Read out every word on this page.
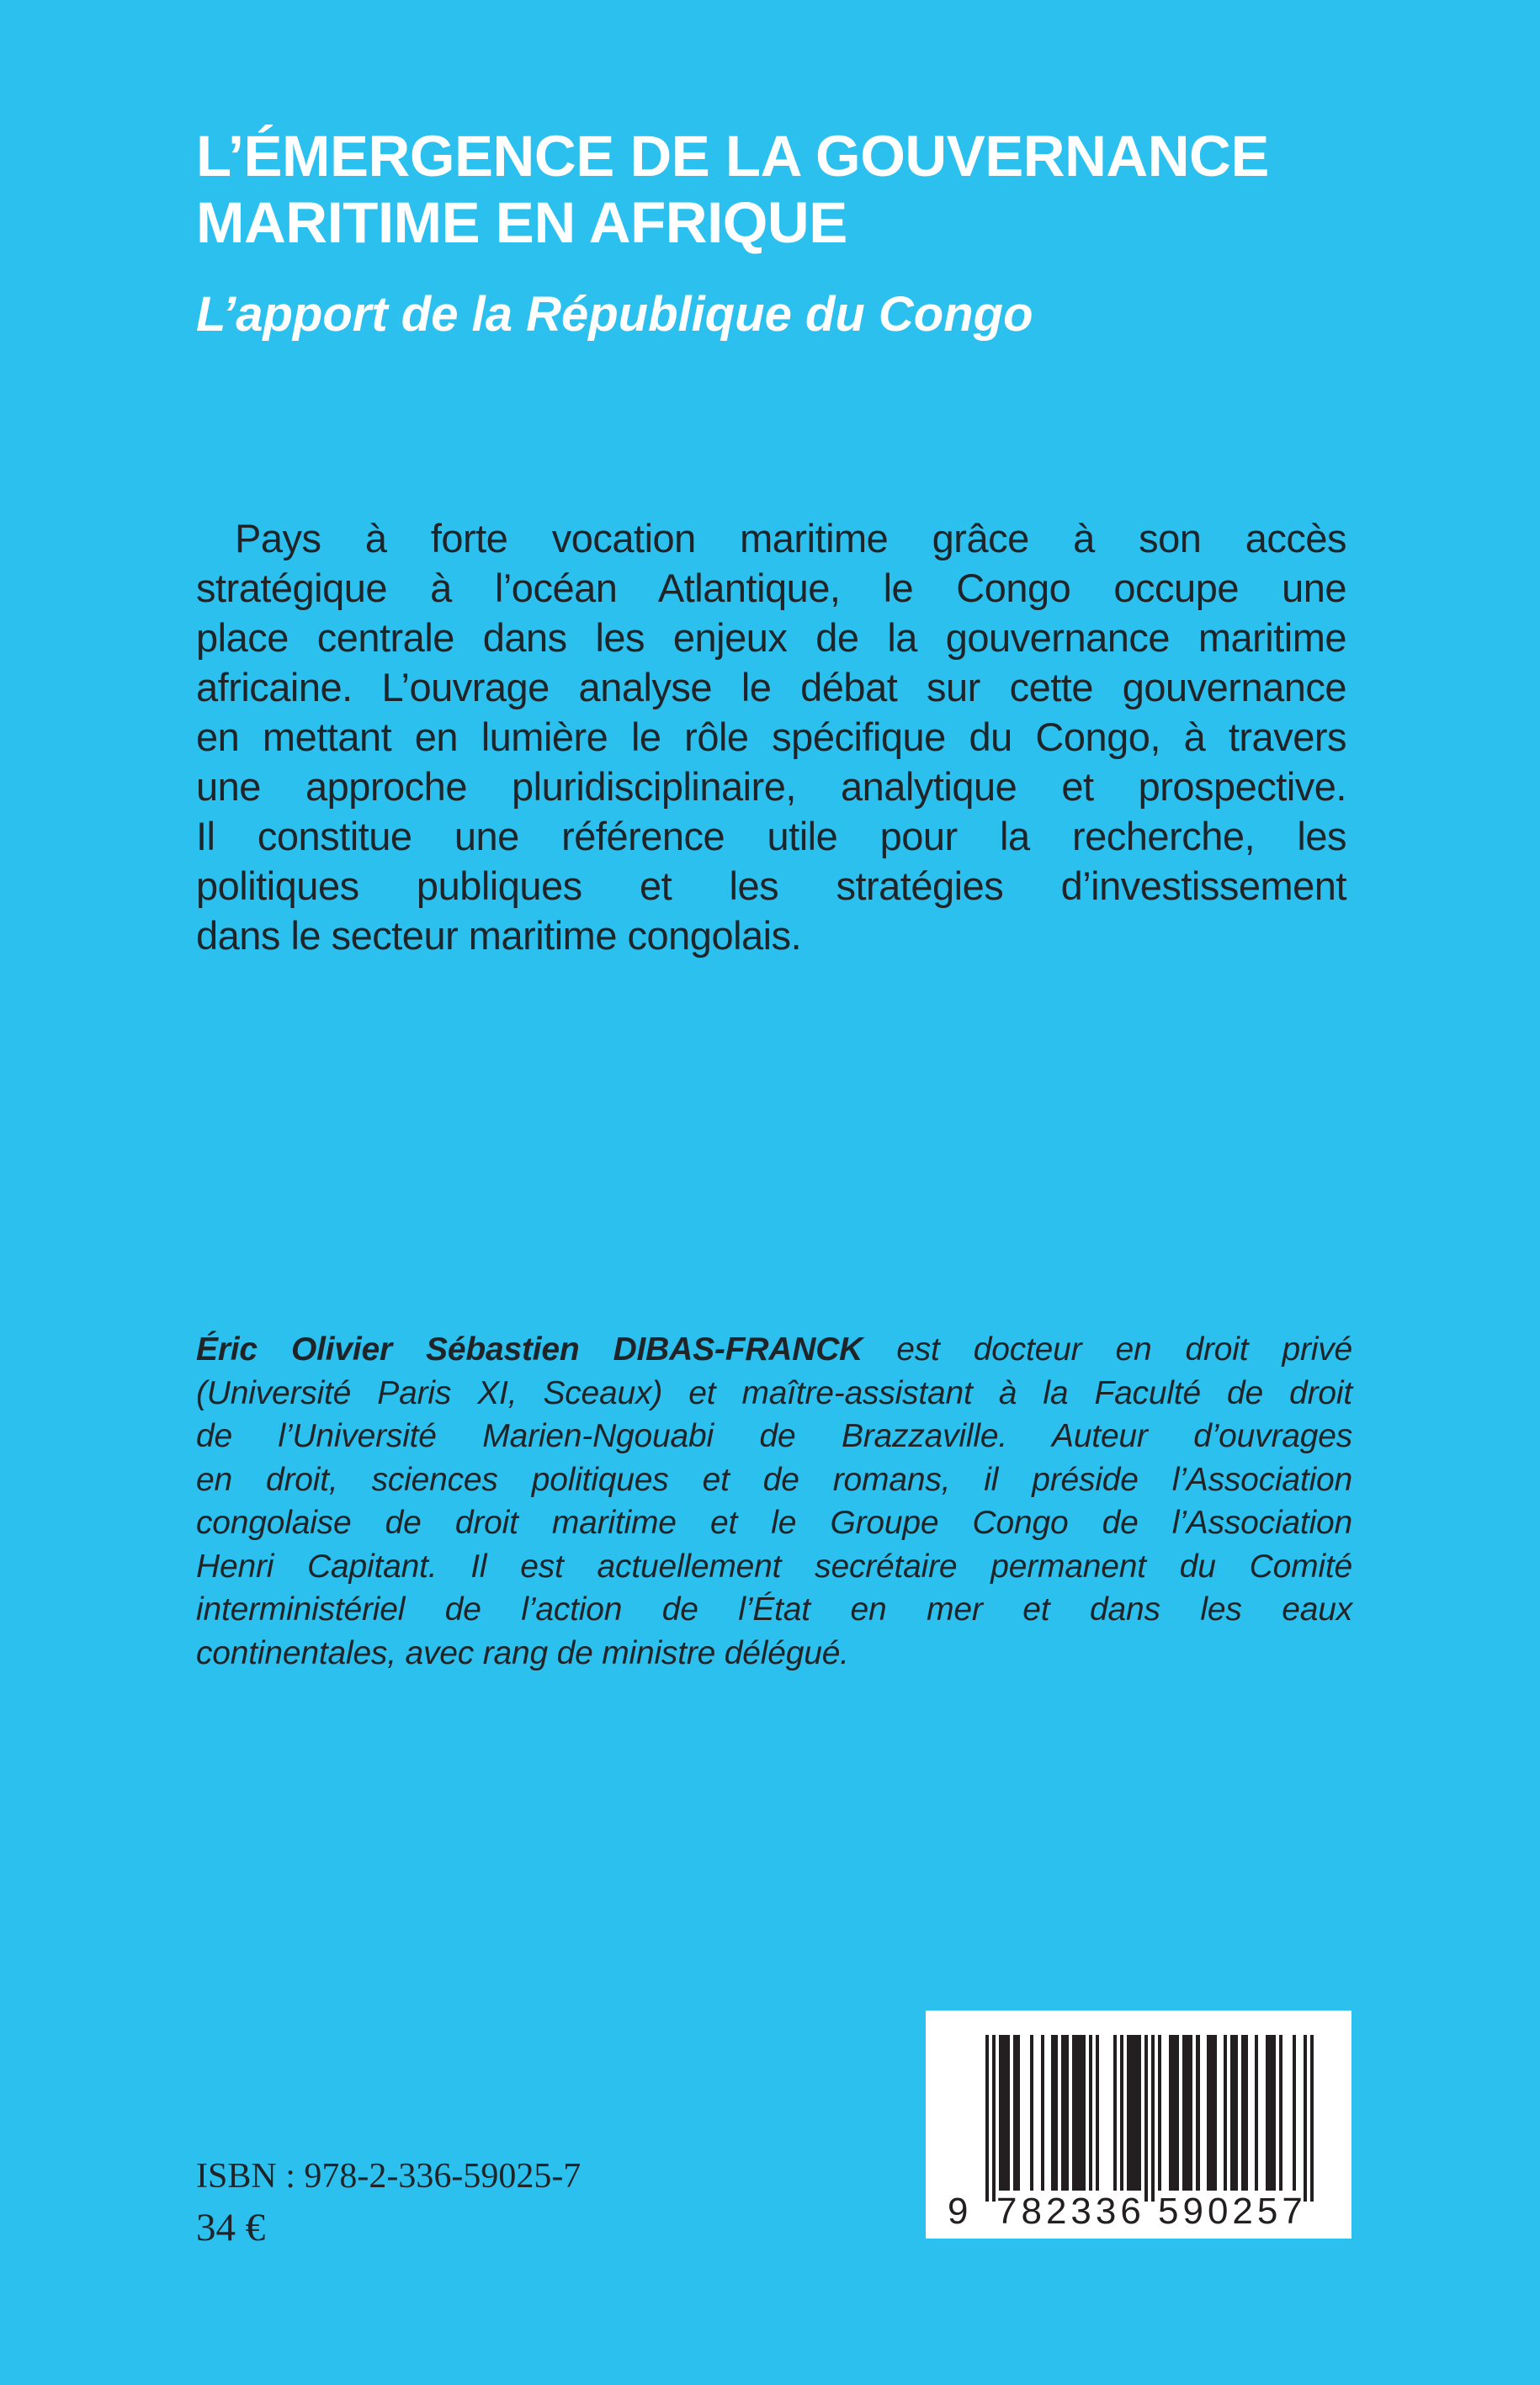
L’ÉMERGENCE DE LA GOUVERNANCE
MARITIME EN AFRIQUE
L’apport de la République du Congo
Pays à forte vocation maritime grâce à son accès
stratégique à l’océan Atlantique, le Congo occupe une
place centrale dans les enjeux de la gouvernance maritime
africaine. L’ouvrage analyse le débat sur cette gouvernance
en mettant en lumière le rôle spécifique du Congo, à travers
une approche pluridisciplinaire, analytique et prospective.
Il constitue une référence utile pour la recherche, les
politiques publiques et les stratégies d’investissement
dans le secteur maritime congolais.
Éric Olivier Sébastien DIBAS-FRANCK est docteur en droit privé
(Université Paris XI, Sceaux) et maître-assistant à la Faculté de droit
de l’Université Marien-Ngouabi de Brazzaville. Auteur d’ouvrages
en droit, sciences politiques et de romans, il préside l’Association
congolaise de droit maritime et le Groupe Congo de l’Association
Henri Capitant. Il est actuellement secrétaire permanent du Comité
interministériel de l’action de l’État en mer et dans les eaux
continentales, avec rang de ministre délégué.
ISBN : 978-2-336-59025-7
34 €	9 782336 590257
